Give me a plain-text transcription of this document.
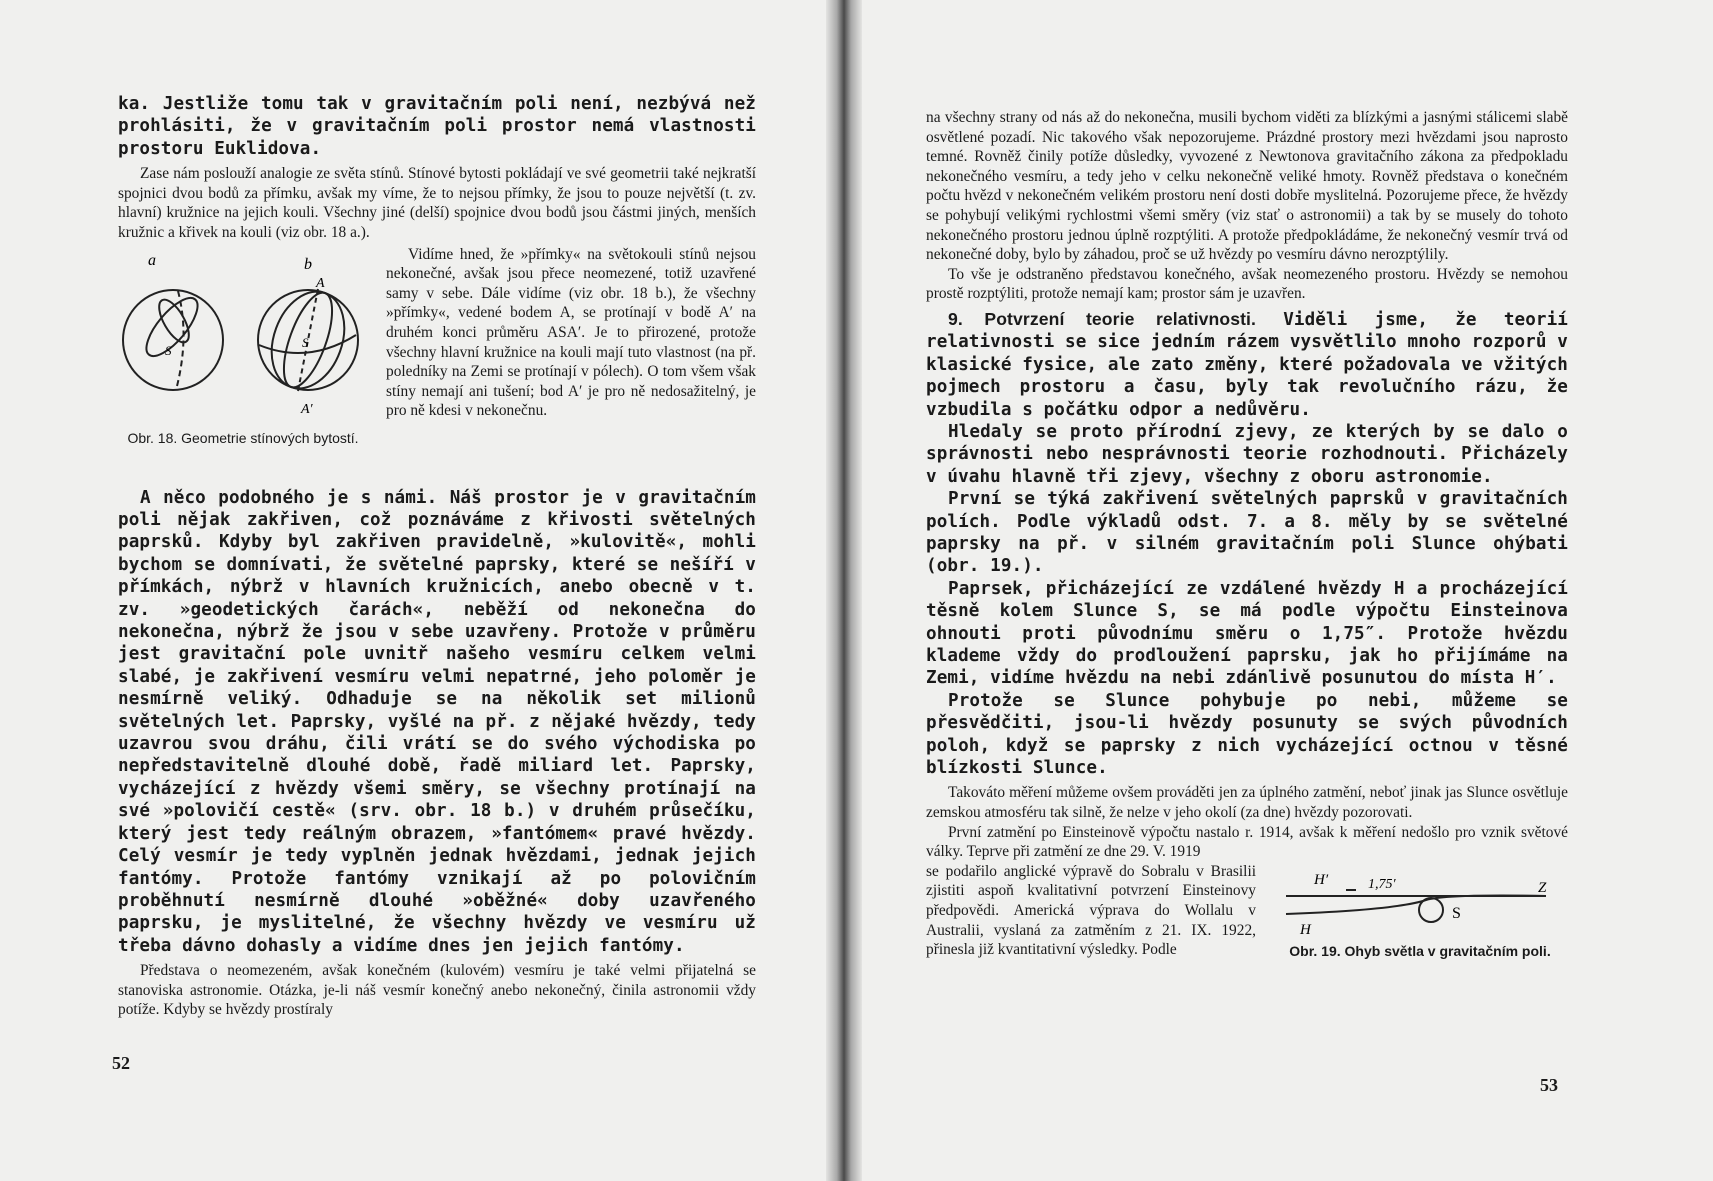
ka. Jestliže tomu tak v gravitačním poli není, nezbývá než prohlásiti, že v gravitačním poli prostor nemá vlastnosti prostoru Euklidova.

Zase nám poslouží analogie ze světa stínů. Stínové bytosti pokládají ve své geometrii také nejkratší spojnici dvou bodů za přímku, avšak my víme, že to nejsou přímky, že jsou to pouze největší (t. zv. hlavní) kružnice na jejich kouli. Všechny jiné (delší) spojnice dvou bodů jsou částmi jiných, menších kružnic a křivek na kouli (viz obr. 18 a.).

a	b
S
A
S
A′
Obr. 18. Geometrie stínových bytostí.

Vidíme hned, že »přímky« na světokouli stínů nejsou nekonečné, avšak jsou přece neomezené, totiž uzavřené samy v sebe. Dále vidíme (viz obr. 18 b.), že všechny »přímky«, vedené bodem A, se protínají v bodě A′ na druhém konci průměru ASA′. Je to přirozené, protože všechny hlavní kružnice na kouli mají tuto vlastnost (na př. poledníky na Zemi se protínají v pólech). O tom všem však stíny nemají ani tušení; bod A′ je pro ně nedosažitelný, je pro ně kdesi v nekonečnu.

A něco podobného je s námi. Náš prostor je v gravitačním poli nějak zakřiven, což poznáváme z křivosti světelných paprsků. Kdyby byl zakřiven pravidelně, »kulovitě«, mohli bychom se domnívati, že světelné paprsky, které se nešíří v přímkách, nýbrž v hlavních kružnicích, anebo obecně v t. zv. »geodetických čarách«, neběží od nekonečna do nekonečna, nýbrž že jsou v sebe uzavřeny. Protože v průměru jest gravitační pole uvnitř našeho vesmíru celkem velmi slabé, je zakřivení vesmíru velmi nepatrné, jeho poloměr je nesmírně veliký. Odhaduje se na několik set milionů světelných let. Paprsky, vyšlé na př. z nějaké hvězdy, tedy uzavrou svou dráhu, čili vrátí se do svého východiska po nepředstavitelně dlouhé době, řadě miliard let. Paprsky, vycházející z hvězdy všemi směry, se všechny protínají na své »polovičí cestě« (srv. obr. 18 b.) v druhém průsečíku, který jest tedy reálným obrazem, »fantómem« pravé hvězdy. Celý vesmír je tedy vyplněn jednak hvězdami, jednak jejich fantómy. Protože fantómy vznikají až po polovičním proběhnutí nesmírně dlouhé »oběžné« doby uzavřeného paprsku, je myslitelné, že všechny hvězdy ve vesmíru už třeba dávno dohasly a vidíme dnes jen jejich fantómy.

Představa o neomezeném, avšak konečném (kulovém) vesmíru je také velmi přijatelná se stanoviska astronomie. Otázka, je-li náš vesmír konečný anebo nekonečný, činila astronomii vždy potíže. Kdyby se hvězdy prostíraly

52

na všechny strany od nás až do nekonečna, musili bychom viděti za blízkými a jasnými stálicemi slabě osvětlené pozadí. Nic takového však nepozorujeme. Prázdné prostory mezi hvězdami jsou naprosto temné. Rovněž činily potíže důsledky, vyvozené z Newtonova gravitačního zákona za předpokladu nekonečného vesmíru, a tedy jeho v celku nekonečně veliké hmoty. Rovněž představa o konečném počtu hvězd v nekonečném velikém prostoru není dosti dobře myslitelná. Pozorujeme přece, že hvězdy se pohybují velikými rychlostmi všemi směry (viz stať o astronomii) a tak by se musely do tohoto nekonečného prostoru jednou úplně rozptýliti. A protože předpokládáme, že nekonečný vesmír trvá od nekonečné doby, bylo by záhadou, proč se už hvězdy po vesmíru dávno nerozptýlily.

To vše je odstraněno představou konečného, avšak neomezeného prostoru. Hvězdy se nemohou prostě rozptýliti, protože nemají kam; prostor sám je uzavřen.

9. Potvrzení teorie relativnosti. Viděli jsme, že teorií relativnosti se sice jedním rázem vysvětlilo mnoho rozporů v klasické fysice, ale zato změny, které požadovala ve vžitých pojmech prostoru a času, byly tak revolučního rázu, že vzbudila s počátku odpor a nedůvěru.

Hledaly se proto přírodní zjevy, ze kterých by se dalo o správnosti nebo nesprávnosti teorie rozhodnouti. Přicházely v úvahu hlavně tři zjevy, všechny z oboru astronomie.

První se týká zakřivení světelných paprsků v gravitačních polích. Podle výkladů odst. 7. a 8. měly by se světelné paprsky na př. v silném gravitačním poli Slunce ohýbati (obr. 19.).

Paprsek, přicházející ze vzdálené hvězdy H a procházející těsně kolem Slunce S, se má podle výpočtu Einsteinova ohnouti proti původnímu směru o 1,75″. Protože hvězdu klademe vždy do prodloužení paprsku, jak ho přijímáme na Zemi, vidíme hvězdu na nebi zdánlivě posunutou do místa H′.

Protože se Slunce pohybuje po nebi, můžeme se přesvědčiti, jsou-li hvězdy posunuty se svých původních poloh, když se paprsky z nich vycházející octnou v těsné blízkosti Slunce.

Takováto měření můžeme ovšem prováděti jen za úplného zatmění, neboť jinak jas Slunce osvětluje zemskou atmosféru tak silně, že nelze v jeho okolí (za dne) hvězdy pozorovati.

První zatmění po Einsteinově výpočtu nastalo r. 1914, avšak k měření nedošlo pro vznik světové války. Teprve při zatmění ze dne 29. V. 1919

se podařilo anglické výpravě do Sobralu v Brasilii zjistiti aspoň kvalitativní potvrzení Einsteinovy předpovědi. Americká výprava do Wollalu v Australii, vyslaná za zatměním z 21. IX. 1922, přinesla již kvantitativní výsledky. Podle

H′	1,75′	Z
H
S
Obr. 19. Ohyb světla v gravitačním poli.
53
